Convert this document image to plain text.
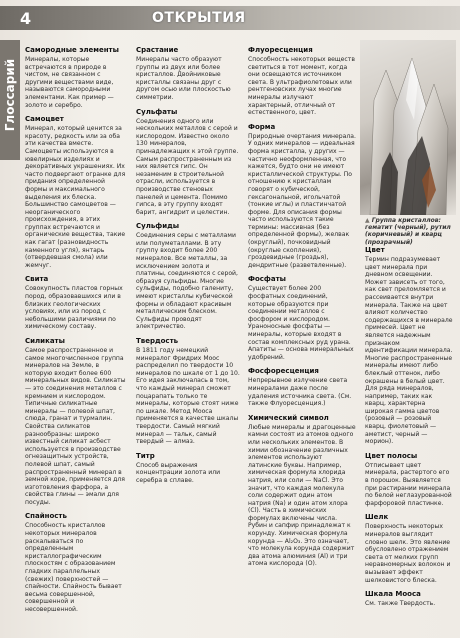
4	ОТКРЫТИЯ
Глоссарий
Самородные элементы

Минералы, которые встречаются в природе в чистом, не связанном с другими веществами виде, называются самородными элементами. Как пример — золото и серебро.

Самоцвет

Минерал, который ценится за красоту, редкость или за оба эти качества вместе. Самоцветы используются в ювелирных изделиях и декоративных украшениях. Их часто подвергают огранке для придания определенной формы и максимального выделения их блеска. Большинство самоцветов — неорганического происхождения, в этих группах встречаются и органические вещества, такие как гагат (разновидность каменного угля), янтарь (отвердевшая смола) или жемчуг.

Свита

Совокупность пластов горных пород, образовавшихся или в близких геологических условиях, или из пород с небольшими различиями по химическому составу.

Силикаты

Самое распространенное и самое многочисленное группа минералов на Земле, в которую входит более 600 минеральных видов. Силикаты — это соединения металлов с кремнием и кислородом. Типичные силикатные минералы — полевой шпат, слюда, гранат и турмалин. Свойства силикатов разнообразны: широко известный силикат асбест используется в производстве огнезащитных устройств, полевой шпат, самый распространенный минерал в земной коре, применяется для изготовления фарфора, а свойства глины — эмали для посуды.

Спайность

Способность кристаллов некоторых минералов раскалываться по определенным кристаллографическим плоскостям с образованием гладких параллельных (свежих) поверхностей — спайности. Спайность бывает весьма совершенной, совершенной и несовершенной.

Срастание

Минералы часто образуют группы из двух или более кристаллов. Двойниковые кристаллы связаны друг с другом осью или плоскостью симметрии.

Сульфаты

Соединения одного или нескольких металлов с серой и кислородом. Известно около 130 минералов, принадлежащих к этой группе. Самым распространенным из них является гипс. Он незаменим в строительной отрасли, используется в производстве стеновых панелей и цемента. Помимо гипса, в эту группу входят барит, ангидрит и целестин.

Сульфиды

Соединения серы с металлами или полуметаллами. В эту группу входит более 200 минералов. Все металлы, за исключением золота и платины, соединяются с серой, образуя сульфиды. Многие сульфиды, подобно галениту, имеют кристаллы кубической формы и обладают красивым металлическим блеском. Сульфиды проводят электричество.

Твердость

В 1811 году немецкий минералог Фридрих Моос распределил по твердости 10 минералов по шкале от 1 до 10. Его идея заключалась в том, что каждый минерал сможет поцарапать только те минералы, которые стоят ниже по шкале. Метод Мооса применяется в качестве шкалы твердости. Самый мягкий минерал — тальк, самый твердый — алмаз.

Титр

Способ выражения концентрации золота или серебра в сплаве.

Флуоресценция

Способность некоторых веществ светиться в тот момент, когда они освещаются источником света. В ультрафиолетовых или рентгеновских лучах многие минералы излучают характерный, отличный от естественного, цвет.

Форма

Природные очертания минерала. У одних минералов — идеальная форма кристалла, у других — частично неоформленная, что кажется, будто они не имеют кристаллической структуры. По отношению к кристаллам говорят о кубической, гексагональной, игольчатой (тонкие иглы) и пластинчатой форме. Для описания формы часто используются такие термины: массивная (без определенной формы), желвак (округлый), почковидный (округлые скопления), гроздевидные (гроздья), дендритные (разветвленные).

Фосфаты

Существует более 200 фосфатных соединений, которые образуются при соединении металлов с фосфором и кислородом. Ураноносные фосфаты — минералы, которые входят в состав комплексных руд урана. Апатиты — основа минеральных удобрений.

Фосфоресценция

Непрерывное излучение света минералами даже после удаления источника света. (См. также Флуоресценция.)

Химический символ

Любые минералы и драгоценные камни состоят из атомов одного или нескольких элементов. В химии обозначение различных элементов используют латинские буквы. Например, химическая формула хлорида натрия, или соли — NaCl. Это значит, что каждая молекула соли содержит один атом натрия (Na) и один атом хлора (Cl). Часть в химических формулах включены числа. Рубин и сапфир принадлежат к корунду. Химическая формула корунда — Al₂O₃. Это означает, что молекула корунда содержит два атома алюминия (Al) и три атома кислорода (O).

▲ Группа кристаллов: гематит (черный), рутил (коричневый) и кварц (прозрачный)
Цвет

Термин подразумевает цвет минерала при дневном освещении. Может зависеть от того, как свет преломляется и рассеивается внутри минерала. Также на цвет влияют количество содержащихся в минерале примесей. Цвет не является надежным признаком идентификации минерала. Многие распространенные минералы имеют либо блеклый оттенок, либо окрашены в белый цвет. Для ряда минералов, например, таких как кварц, характерна широкая гамма цветов (розовый — розовый кварц, фиолетовый — аметист, черный — морион).

Цвет полосы

Отписывает цвет минерала, растертого его в порошок. Выявляется при растирании минерала по белой неглазурованной фарфоровой пластинке.

Шелк

Поверхность некоторых минералов выглядит словно шелк. Это явление обусловлено отражением света от мелких групп неравномерных волокон и вызывает эффект шелковистого блеска.

Шкала Мооса

См. также Твердость.
